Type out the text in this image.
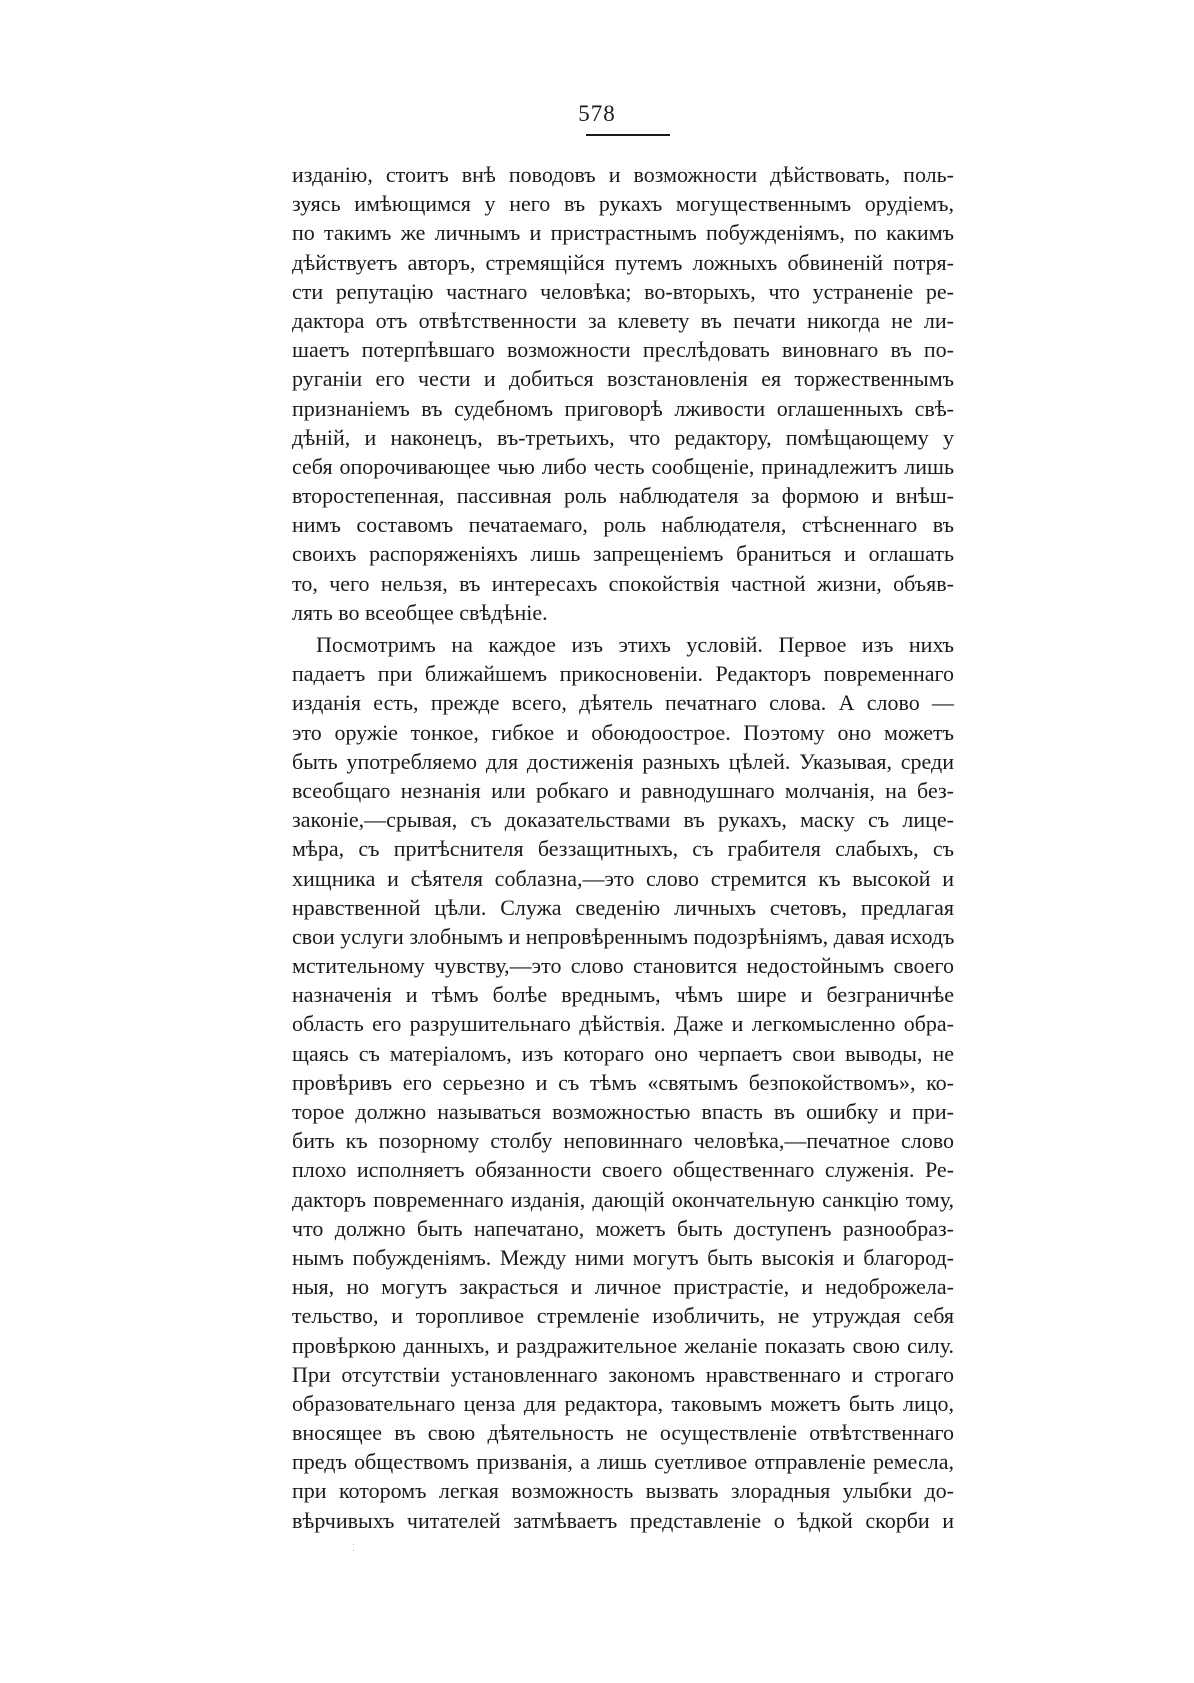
578
изданію, стоитъ внѣ поводовъ и возможности дѣйствовать, поль-
зуясь имѣющимся у него въ рукахъ могущественнымъ орудіемъ,
по такимъ же личнымъ и пристрастнымъ побужденіямъ, по какимъ
дѣйствуетъ авторъ, стремящійся путемъ ложныхъ обвиненій потря-
сти репутацію частнаго человѣка; во-вторыхъ, что устраненіе ре-
дактора отъ отвѣтственности за клевету въ печати никогда не ли-
шаетъ потерпѣвшаго возможности преслѣдовать виновнаго въ по-
руганіи его чести и добиться возстановленія ея торжественнымъ
признаніемъ въ судебномъ приговорѣ лживости оглашенныхъ свѣ-
дѣній, и наконецъ, въ-третьихъ, что редактору, помѣщающему у
себя опорочивающее чью либо честь сообщеніе, принадлежитъ лишь
второстепенная, пассивная роль наблюдателя за формою и внѣш-
нимъ составомъ печатаемаго, роль наблюдателя, стѣсненнаго въ
своихъ распоряженіяхъ лишь запрещеніемъ браниться и оглашать
то, чего нельзя, въ интересахъ спокойствія частной жизни, объяв-
лять во всеобщее свѣдѣніе.
Посмотримъ на каждое изъ этихъ условій. Первое изъ нихъ
падаетъ при ближайшемъ прикосновеніи. Редакторъ повременнаго
изданія есть, прежде всего, дѣятель печатнаго слова. А слово —
это оружіе тонкое, гибкое и обоюдоострое. Поэтому оно можетъ
быть употребляемо для достиженія разныхъ цѣлей. Указывая, среди
всеобщаго незнанія или робкаго и равнодушнаго молчанія, на без-
законіе,—срывая, съ доказательствами въ рукахъ, маску съ лице-
мѣра, съ притѣснителя беззащитныхъ, съ грабителя слабыхъ, съ
хищника и сѣятеля соблазна,—это слово стремится къ высокой и
нравственной цѣли. Служа сведенію личныхъ счетовъ, предлагая
свои услуги злобнымъ и непровѣреннымъ подозрѣніямъ, давая исходъ
мстительному чувству,—это слово становится недостойнымъ своего
назначенія и тѣмъ болѣе вреднымъ, чѣмъ шире и безграничнѣе
область его разрушительнаго дѣйствія. Даже и легкомысленно обра-
щаясь съ матеріаломъ, изъ котораго оно черпаетъ свои выводы, не
провѣривъ его серьезно и съ тѣмъ «святымъ безпокойствомъ», ко-
торое должно называться возможностью впасть въ ошибку и при-
бить къ позорному столбу неповиннаго человѣка,—печатное слово
плохо исполняетъ обязанности своего общественнаго служенія. Ре-
дакторъ повременнаго изданія, дающій окончательную санкцію тому,
что должно быть напечатано, можетъ быть доступенъ разнообраз-
нымъ побужденіямъ. Между ними могутъ быть высокія и благород-
ныя, но могутъ закрасться и личное пристрастіе, и недоброжела-
тельство, и торопливое стремленіе изобличить, не утруждая себя
провѣркою данныхъ, и раздражительное желаніе показать свою силу.
При отсутствіи установленнаго закономъ нравственнаго и строгаго
образовательнаго ценза для редактора, таковымъ можетъ быть лицо,
вносящее въ свою дѣятельность не осуществленіе отвѣтственнаго
предъ обществомъ призванія, а лишь суетливое отправленіе ремесла,
при которомъ легкая возможность вызвать злорадныя улыбки до-
вѣрчивыхъ читателей затмѣваетъ представленіе о ѣдкой скорби и
⁚
